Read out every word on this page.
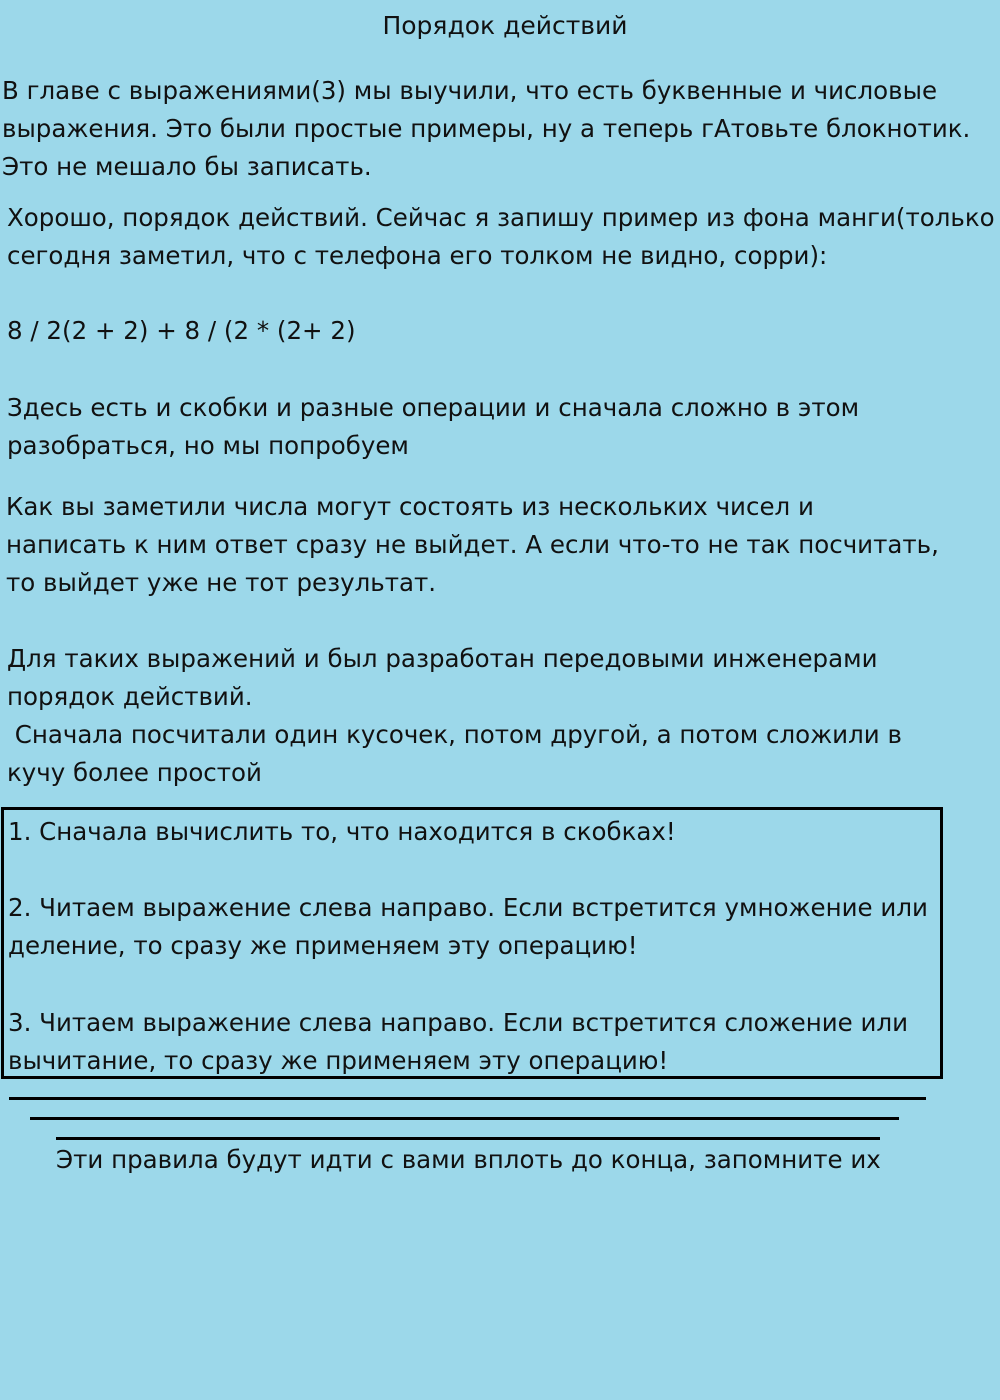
Порядок действий

В главе с выражениями(3) мы выучили, что есть буквенные и числовые
выражения. Это были простые примеры, ну а теперь гАтовьте блокнотик.
Это не мешало бы записать.

Хорошо, порядок действий. Сейчас я запишу пример из фона манги(только
сегодня заметил, что с телефона его толком не видно, сорри):

8 / 2(2 + 2) + 8 / (2 * (2+ 2)

Здесь есть и скобки и разные операции и сначала сложно в этом
разобраться, но мы попробуем

Как вы заметили числа могут состоять из нескольких чисел и
написать к ним ответ сразу не выйдет. А если что-то не так посчитать,
то выйдет уже не тот результат.

Для таких выражений и был разработан передовыми инженерами
порядок действий.
Сначала посчитали один кусочек, потом другой, а потом сложили в
кучу более простой

1. Сначала вычислить то, что находится в скобках!

2. Читаем выражение слева направо. Если встретится умножение или
деление, то сразу же применяем эту операцию!

3. Читаем выражение слева направо. Если встретится сложение или
вычитание, то сразу же применяем эту операцию!

Эти правила будут идти с вами вплоть до конца, запомните их
